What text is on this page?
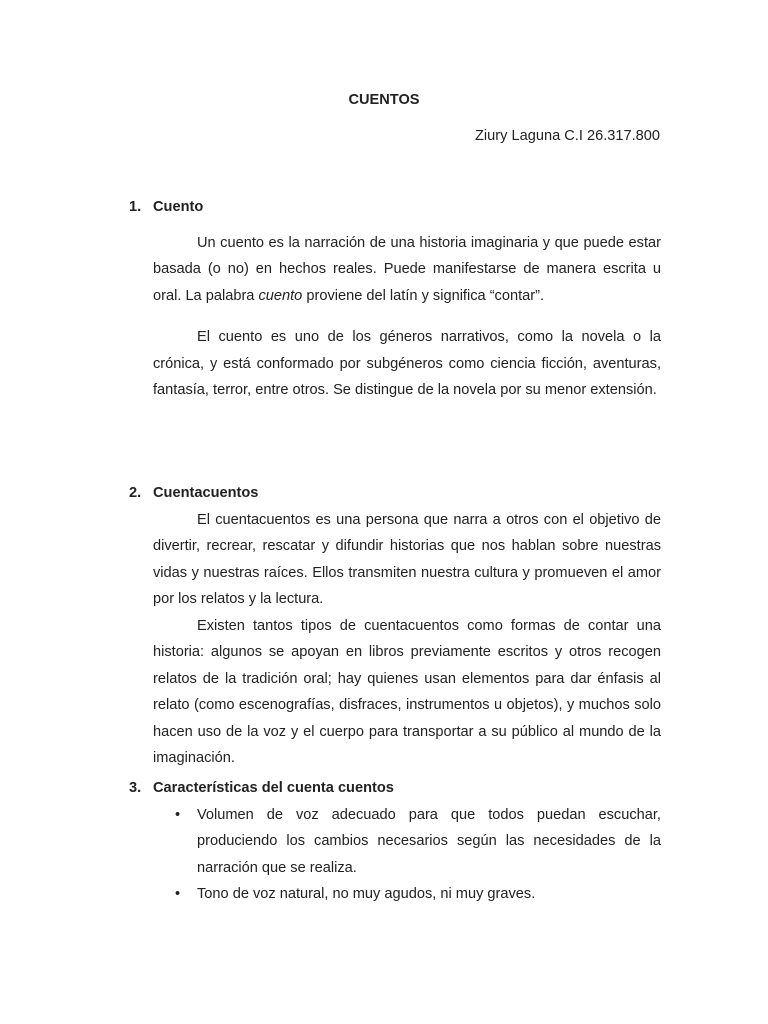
CUENTOS

Ziury Laguna C.I 26.317.800

1. Cuento

Un cuento es la narración de una historia imaginaria y que puede estar basada (o no) en hechos reales. Puede manifestarse de manera escrita u oral. La palabra cuento proviene del latín y significa “contar”.

El cuento es uno de los géneros narrativos, como la novela o la crónica, y está conformado por subgéneros como ciencia ficción, aventuras, fantasía, terror, entre otros. Se distingue de la novela por su menor extensión.

2. Cuentacuentos

El cuentacuentos es una persona que narra a otros con el objetivo de divertir, recrear, rescatar y difundir historias que nos hablan sobre nuestras vidas y nuestras raíces. Ellos transmiten nuestra cultura y promueven el amor por los relatos y la lectura.

Existen tantos tipos de cuentacuentos como formas de contar una historia: algunos se apoyan en libros previamente escritos y otros recogen relatos de la tradición oral; hay quienes usan elementos para dar énfasis al relato (como escenografías, disfraces, instrumentos u objetos), y muchos solo hacen uso de la voz y el cuerpo para transportar a su público al mundo de la imaginación.

3. Características del cuenta cuentos
• Volumen de voz adecuado para que todos puedan escuchar, produciendo los cambios necesarios según las necesidades de la narración que se realiza.
• Tono de voz natural, no muy agudos, ni muy graves.
